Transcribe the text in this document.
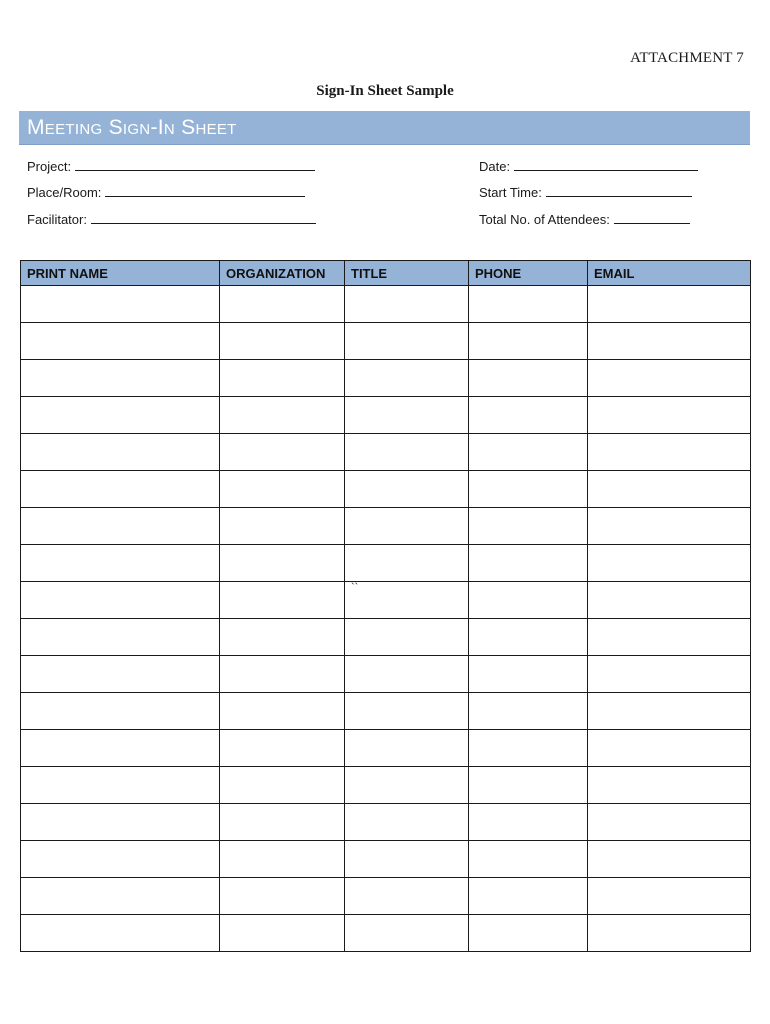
ATTACHMENT 7
Sign-In Sheet Sample
Meeting Sign-In Sheet
Project:	Date:
Place/Room:	Start Time:
Facilitator:	Total No. of Attendees:
PRINT NAME	ORGANIZATION	TITLE	PHONE	EMAIL

		``		
